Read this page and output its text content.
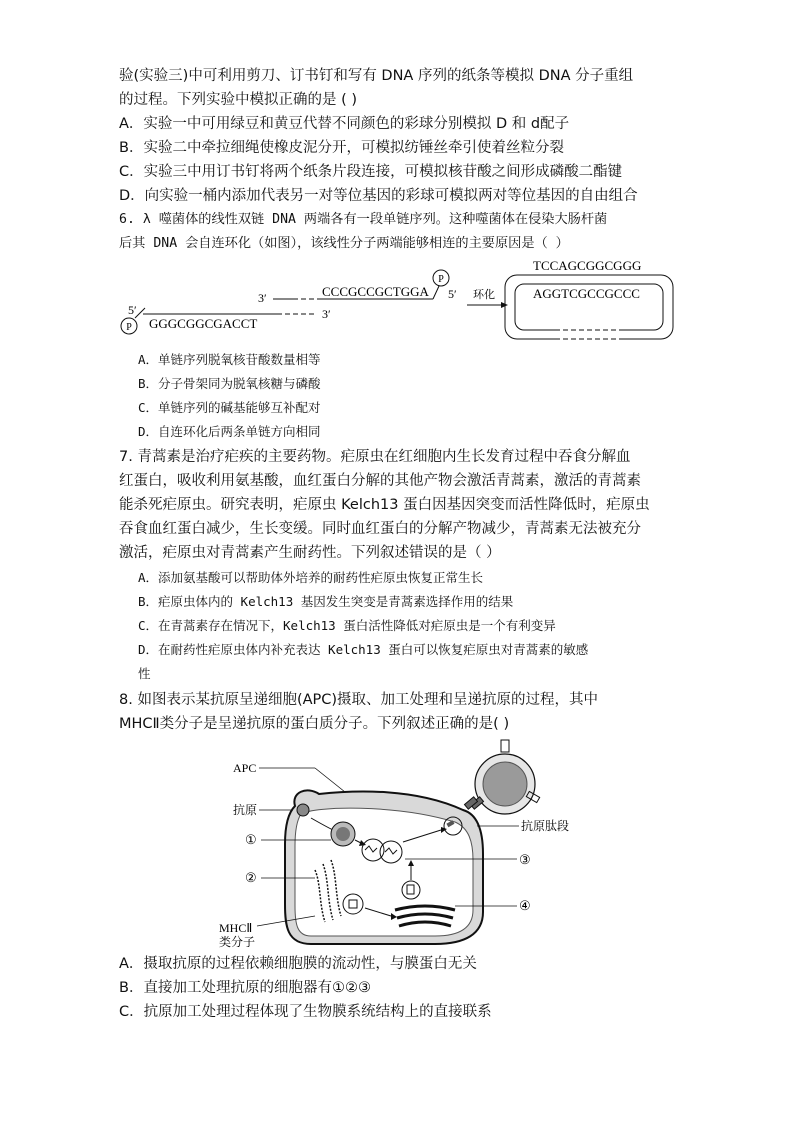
验(实验三)中可利用剪刀、订书钉和写有 DNA 序列的纸条等模拟 DNA 分子重组
的过程。下列实验中模拟正确的是 ( )
A．实验一中可用绿豆和黄豆代替不同颜色的彩球分别模拟 D 和 d配子
B．实验二中牵拉细绳使橡皮泥分开，可模拟纺锤丝牵引使着丝粒分裂
C．实验三中用订书钉将两个纸条片段连接，可模拟核苷酸之间形成磷酸二酯键
D．向实验一桶内添加代表另一对等位基因的彩球可模拟两对等位基因的自由组合
6. λ 噬菌体的线性双链 DNA 两端各有一段单链序列。这种噬菌体在侵染大肠杆菌
后其 DNA 会自连环化（如图），该线性分子两端能够相连的主要原因是（ ）
P
5′
GGGCGGCGACCT
3′
3′	CCCGCCGCTGGA
P
5′ 环化
TCCAGCGGCGGG
AGGTCGCCGCCC
A．单链序列脱氧核苷酸数量相等
B．分子骨架同为脱氧核糖与磷酸
C．单链序列的碱基能够互补配对
D．自连环化后两条单链方向相同
7. 青蒿素是治疗疟疾的主要药物。疟原虫在红细胞内生长发育过程中吞食分解血
红蛋白，吸收利用氨基酸，血红蛋白分解的其他产物会激活青蒿素，激活的青蒿素
能杀死疟原虫。研究表明，疟原虫 Kelch13 蛋白因基因突变而活性降低时，疟原虫
吞食血红蛋白减少，生长变缓。同时血红蛋白的分解产物减少，青蒿素无法被充分
激活，疟原虫对青蒿素产生耐药性。下列叙述错误的是（ ）
A．添加氨基酸可以帮助体外培养的耐药性疟原虫恢复正常生长
B．疟原虫体内的 Kelch13 基因发生突变是青蒿素选择作用的结果
C．在青蒿素存在情况下，Kelch13 蛋白活性降低对疟原虫是一个有利变异
D．在耐药性疟原虫体内补充表达 Kelch13 蛋白可以恢复疟原虫对青蒿素的敏感
性
8. 如图表示某抗原呈递细胞(APC)摄取、加工处理和呈递抗原的过程，其中
MHCⅡ类分子是呈递抗原的蛋白质分子。下列叙述正确的是( )
APC
抗原
①
抗原肽段
③
②
④
MHCⅡ
类分子
A．摄取抗原的过程依赖细胞膜的流动性，与膜蛋白无关
B．直接加工处理抗原的细胞器有①②③
C．抗原加工处理过程体现了生物膜系统结构上的直接联系
